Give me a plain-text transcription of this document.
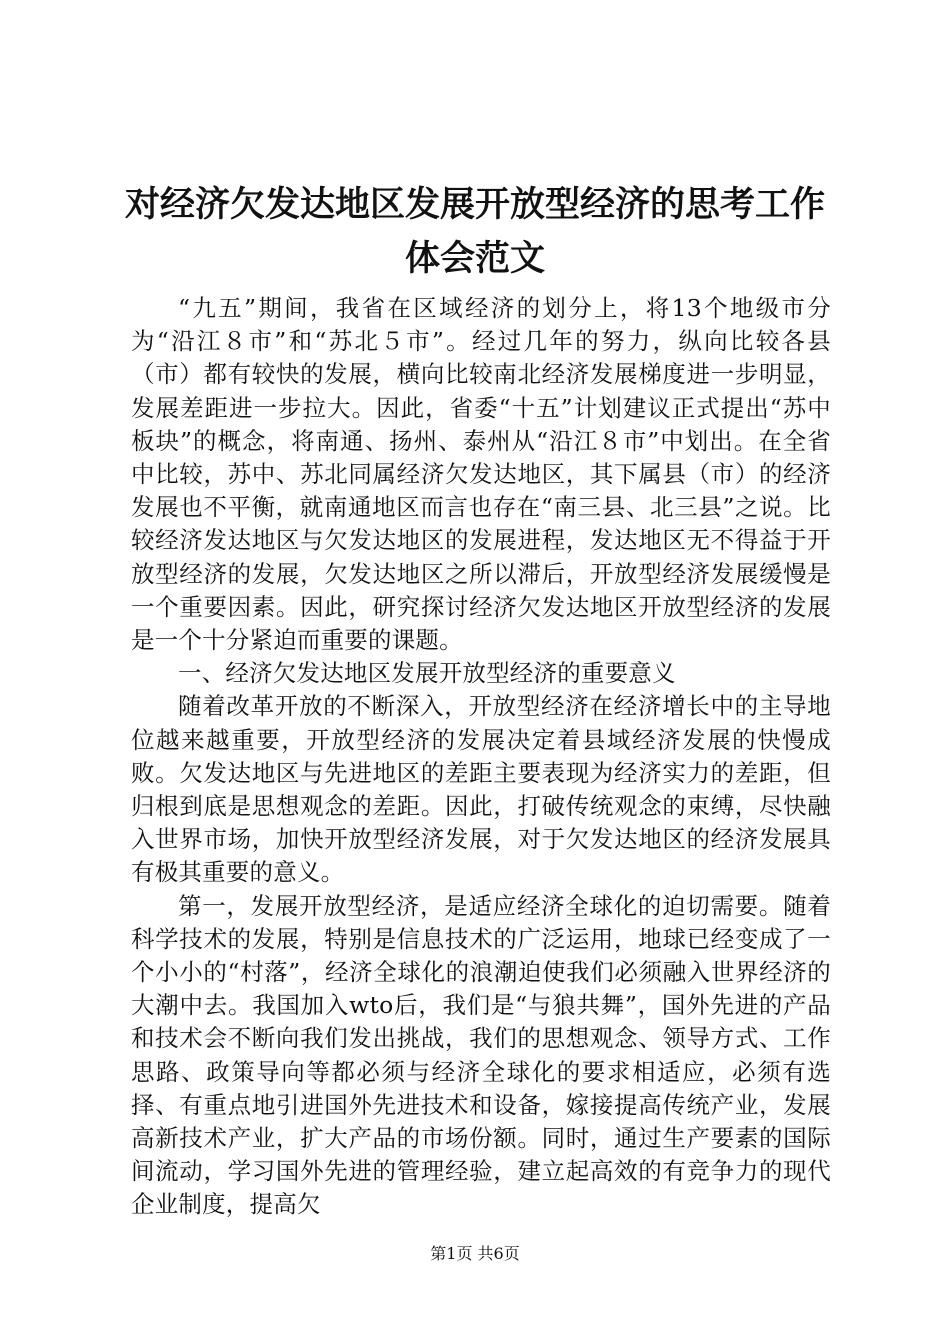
对经济欠发达地区发展开放型经济的思考工作体会范文

“九五”期间，我省在区域经济的划分上，将13个地级市分为“沿江８市”和“苏北５市”。经过几年的努力，纵向比较各县（市）都有较快的发展，横向比较南北经济发展梯度进一步明显，发展差距进一步拉大。因此，省委“十五”计划建议正式提出“苏中板块”的概念，将南通、扬州、泰州从“沿江８市”中划出。在全省中比较，苏中、苏北同属经济欠发达地区，其下属县（市）的经济发展也不平衡，就南通地区而言也存在“南三县、北三县”之说。比较经济发达地区与欠发达地区的发展进程，发达地区无不得益于开放型经济的发展，欠发达地区之所以滞后，开放型经济发展缓慢是一个重要因素。因此，研究探讨经济欠发达地区开放型经济的发展是一个十分紧迫而重要的课题。

一、经济欠发达地区发展开放型经济的重要意义

随着改革开放的不断深入，开放型经济在经济增长中的主导地位越来越重要，开放型经济的发展决定着县域经济发展的快慢成败。欠发达地区与先进地区的差距主要表现为经济实力的差距，但归根到底是思想观念的差距。因此，打破传统观念的束缚，尽快融入世界市场，加快开放型经济发展，对于欠发达地区的经济发展具有极其重要的意义。

第一，发展开放型经济，是适应经济全球化的迫切需要。随着科学技术的发展，特别是信息技术的广泛运用，地球已经变成了一个小小的“村落”，经济全球化的浪潮迫使我们必须融入世界经济的大潮中去。我国加入wto后，我们是“与狼共舞”，国外先进的产品和技术会不断向我们发出挑战，我们的思想观念、领导方式、工作思路、政策导向等都必须与经济全球化的要求相适应，必须有选择、有重点地引进国外先进技术和设备，嫁接提高传统产业，发展高新技术产业，扩大产品的市场份额。同时，通过生产要素的国际间流动，学习国外先进的管理经验，建立起高效的有竞争力的现代企业制度，提高欠

第1页 共6页
